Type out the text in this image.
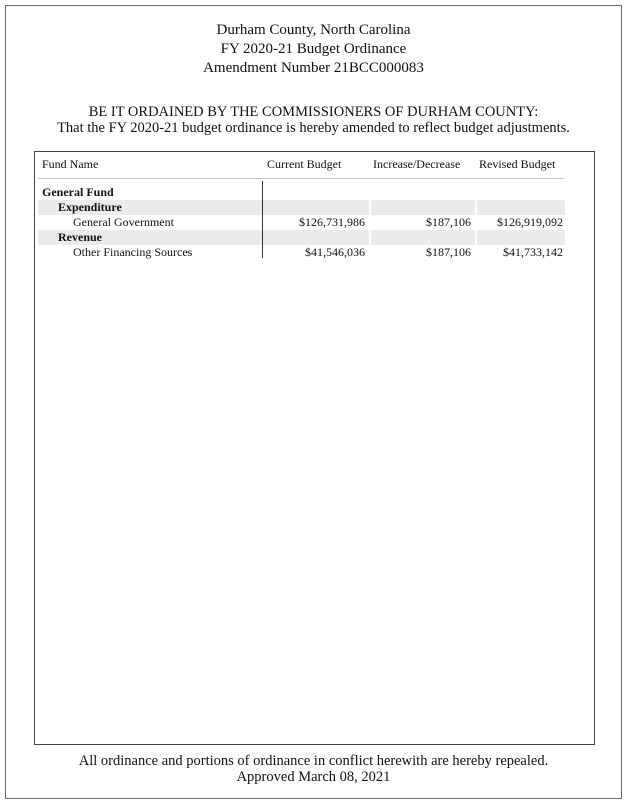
Durham County, North Carolina
FY 2020-21 Budget Ordinance
Amendment Number 21BCC000083
BE IT ORDAINED BY THE COMMISSIONERS OF DURHAM COUNTY:
That the FY 2020-21 budget ordinance is hereby amended to reflect budget adjustments.
Fund Name	Current Budget	Increase/Decrease Revised Budget
General Fund
Expenditure
General Government	$126,731,986	$187,106 $126,919,092
Revenue
Other Financing Sources	$41,546,036	$187,106	$41,733,142
All ordinance and portions of ordinance in conflict herewith are hereby repealed.
Approved March 08, 2021
